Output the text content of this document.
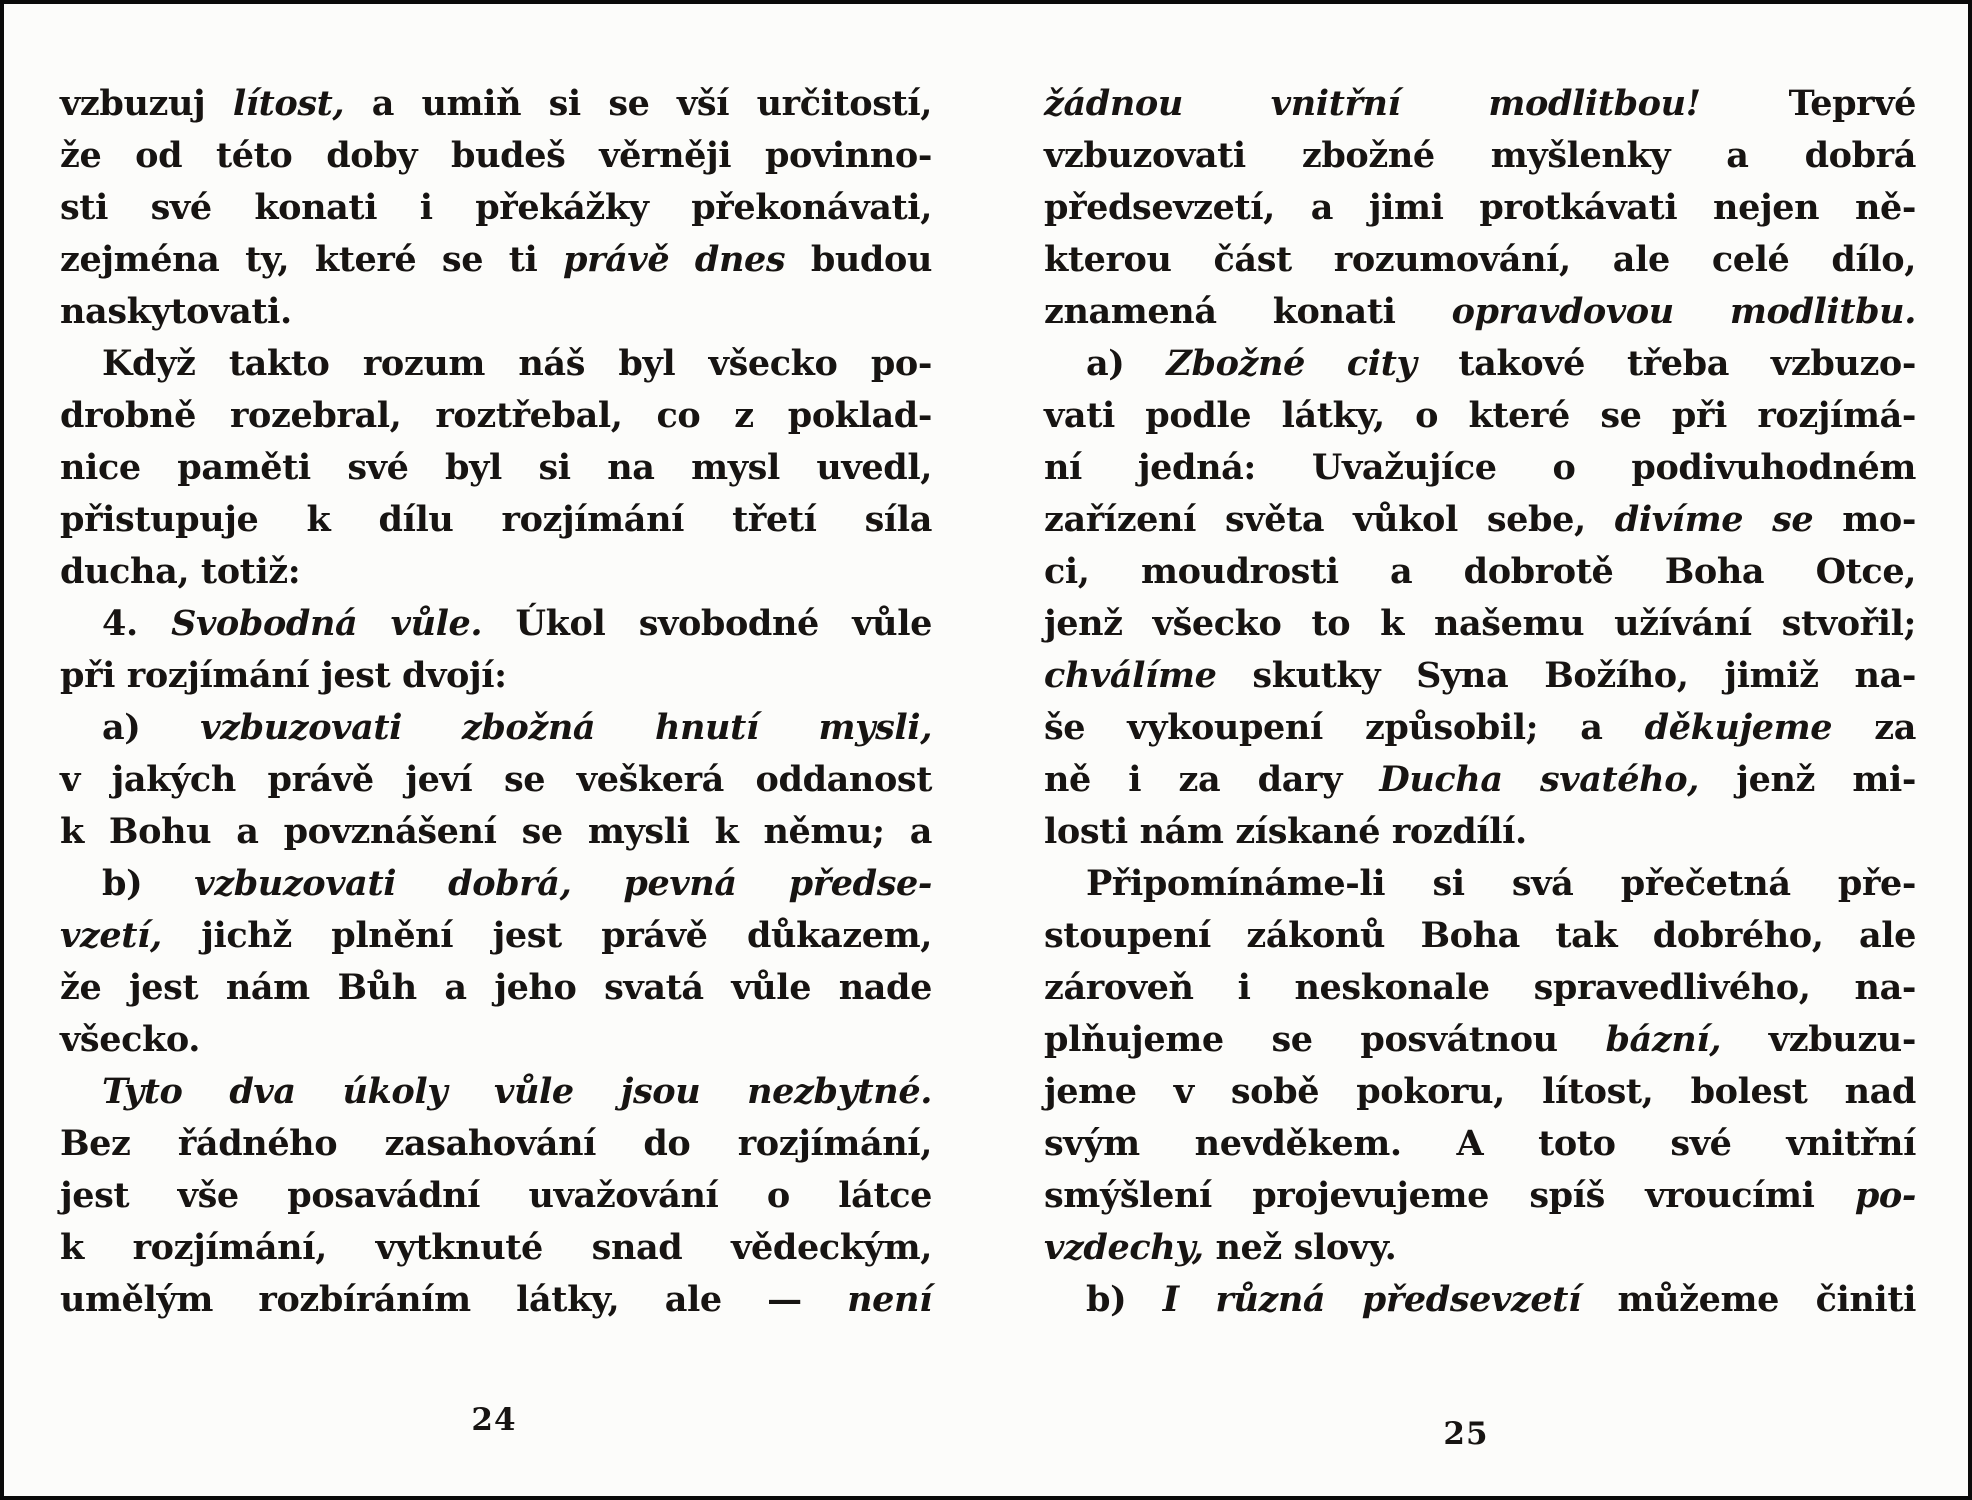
vzbuzuj lítost, a umiň si se vší určitostí,
že od této doby budeš věrněji povinno-
sti své konati i překážky překonávati,
zejména ty, které se ti právě dnes budou
naskytovati.
Když takto rozum náš byl všecko po-
drobně rozebral, roztřebal, co z poklad-
nice paměti své byl si na mysl uvedl,
přistupuje k dílu rozjímání třetí síla
ducha, totiž:
4. Svobodná vůle. Úkol svobodné vůle
při rozjímání jest dvojí:
a) vzbuzovati zbožná hnutí mysli,
v jakých právě jeví se veškerá oddanost
k Bohu a povznášení se mysli k němu; a
b) vzbuzovati dobrá, pevná předse-
vzetí, jichž plnění jest právě důkazem,
že jest nám Bůh a jeho svatá vůle nade
všecko.
Tyto dva úkoly vůle jsou nezbytné.
Bez řádného zasahování do rozjímání,
jest vše posavádní uvažování o látce
k rozjímání, vytknuté snad vědeckým,
umělým rozbíráním látky, ale — není
žádnou vnitřní modlitbou! Teprvé
vzbuzovati zbožné myšlenky a dobrá
předsevzetí, a jimi protkávati nejen ně-
kterou část rozumování, ale celé dílo,
znamená konati opravdovou modlitbu.
a) Zbožné city takové třeba vzbuzo-
vati podle látky, o které se při rozjímá-
ní jedná: Uvažujíce o podivuhodném
zařízení světa vůkol sebe, divíme se mo-
ci, moudrosti a dobrotě Boha Otce,
jenž všecko to k našemu užívání stvořil;
chválíme skutky Syna Božího, jimiž na-
še vykoupení způsobil; a děkujeme za
ně i za dary Ducha svatého, jenž mi-
losti nám získané rozdílí.
Připomínáme-li si svá přečetná pře-
stoupení zákonů Boha tak dobrého, ale
zároveň i neskonale spravedlivého, na-
plňujeme se posvátnou bázní, vzbuzu-
jeme v sobě pokoru, lítost, bolest nad
svým nevděkem. A toto své vnitřní
smýšlení projevujeme spíš vroucími po-
vzdechy, než slovy.
b) I různá předsevzetí můžeme činiti
24	25
